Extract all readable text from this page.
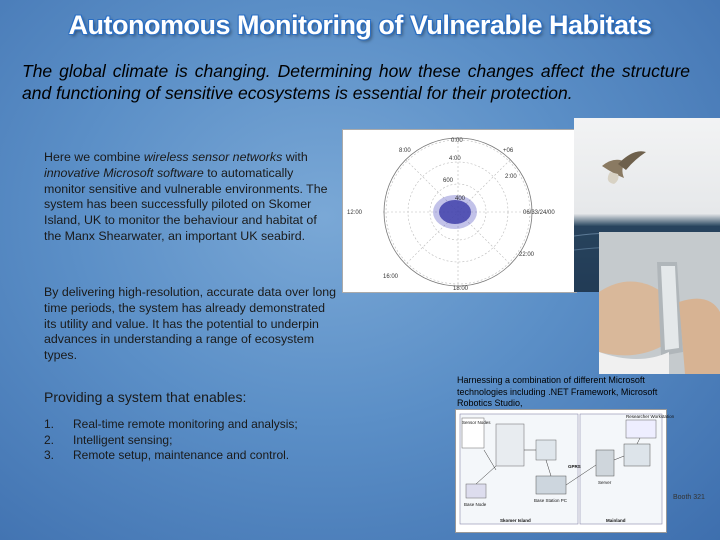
Autonomous Monitoring of Vulnerable Habitats
The global climate is changing. Determining how these changes affect the structure and functioning of sensitive ecosystems is essential for their protection.
Here we combine wireless sensor networks with innovative Microsoft software to automatically monitor sensitive and vulnerable environments. The system has been successfully piloted on Skomer Island, UK to monitor the behaviour and habitat of the Manx Shearwater, an important UK seabird.
By delivering high-resolution, accurate data over long time periods, the system has already demonstrated its utility and value. It has the potential to underpin advances in understanding a range of ecosystem types.
Providing a system that enables:
1.	Real-time remote monitoring and analysis;
2.	Intelligent sensing;
3.	Remote setup, maintenance and control.
0:00
4:00
8:00	+06
12:00	06/33/24/00
16:00
22:00
18:00
600
400
2:00
Harnessing a combination of different Microsoft technologies including .NET Framework, Microsoft Robotics Studio,
Sensor Nodes
Base Node
GPRS
Base Station PC
Server
Researcher Workstation
Skomer Island	Mainland
Booth 321
